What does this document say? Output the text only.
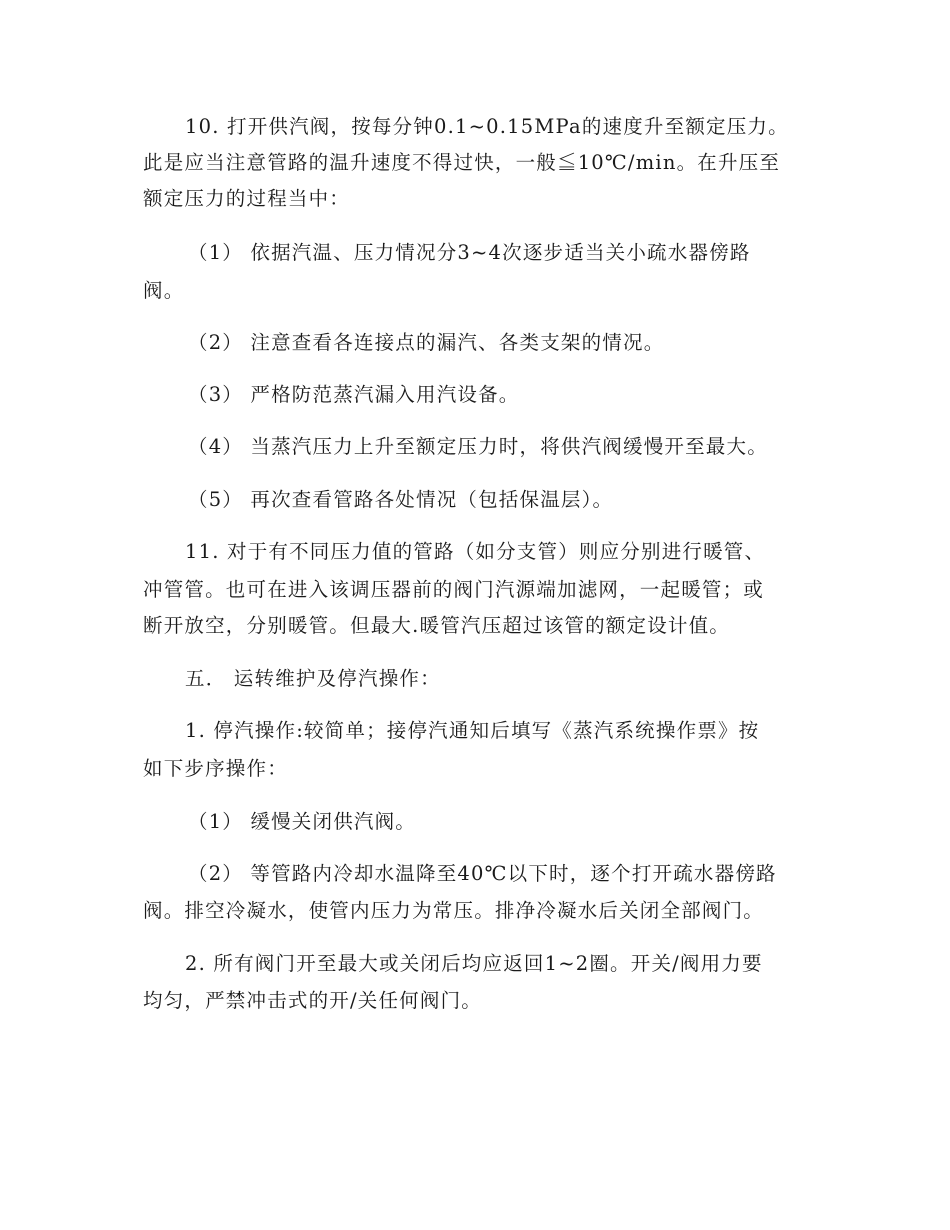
10. 打开供汽阀，按每分钟0.1~0.15MPa的速度升至额定压力。
此是应当注意管路的温升速度不得过快，一般≦10℃/min。在升压至
额定压力的过程当中：
（1） 依据汽温、压力情况分3~4次逐步适当关小疏水器傍路
阀。
（2） 注意查看各连接点的漏汽、各类支架的情况。
（3） 严格防范蒸汽漏入用汽设备。
（4） 当蒸汽压力上升至额定压力时，将供汽阀缓慢开至最大。
（5） 再次查看管路各处情况（包括保温层）。
11. 对于有不同压力值的管路（如分支管）则应分别进行暖管、
冲管管。也可在进入该调压器前的阀门汽源端加滤网，一起暖管；或
断开放空，分别暖管。但最大.暖管汽压超过该管的额定设计值。
五． 运转维护及停汽操作：
1. 停汽操作:较简单；接停汽通知后填写《蒸汽系统操作票》按
如下步序操作：
（1） 缓慢关闭供汽阀。
（2） 等管路内冷却水温降至40℃以下时，逐个打开疏水器傍路
阀。排空冷凝水，使管内压力为常压。排净冷凝水后关闭全部阀门。
2. 所有阀门开至最大或关闭后均应返回1~2圈。开关/阀用力要
均匀，严禁冲击式的开/关任何阀门。
